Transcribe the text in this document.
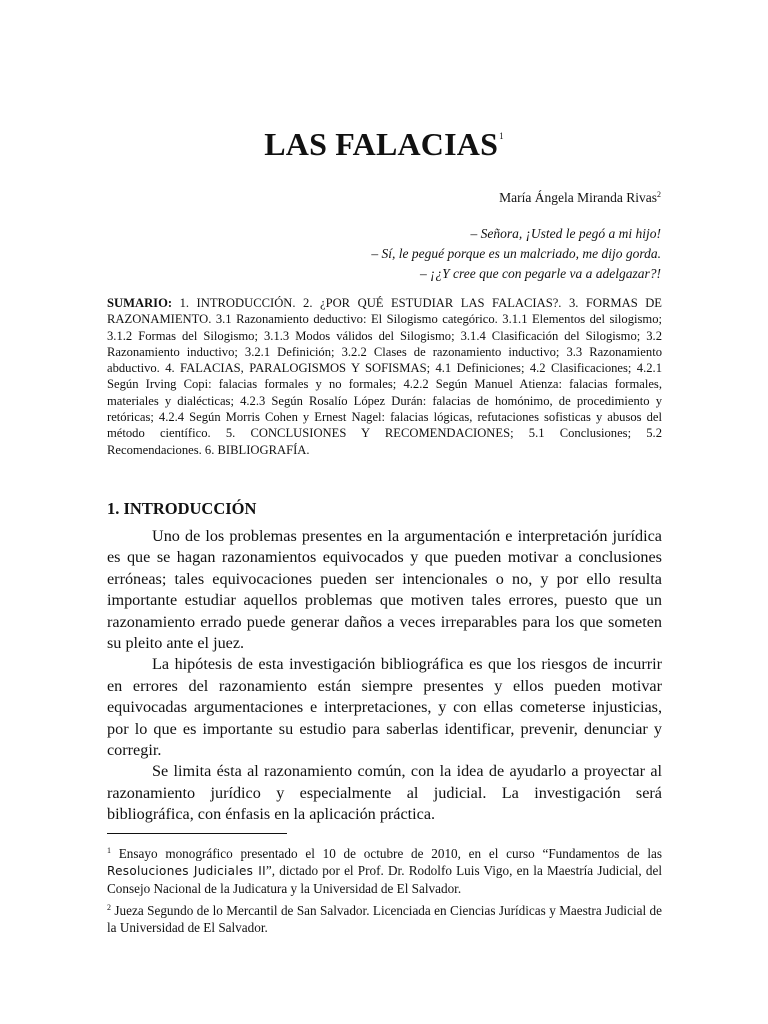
LAS FALACIAS$^1$
María Ángela Miranda Rivas$^2$
– Señora, ¡Usted le pegó a mi hijo!
– Sí, le pegué porque es un malcriado, me dijo gorda.
– ¡¿Y cree que con pegarle va a adelgazar?!
SUMARIO: 1. INTRODUCCIÓN. 2. ¿POR QUÉ ESTUDIAR LAS FALACIAS?. 3. FORMAS DE RAZONAMIENTO. 3.1 Razonamiento deductivo: El Silogismo categórico. 3.1.1 Elementos del silogismo; 3.1.2 Formas del Silogismo; 3.1.3 Modos válidos del Silogismo; 3.1.4 Clasificación del Silogismo; 3.2 Razonamiento inductivo; 3.2.1 Definición; 3.2.2 Clases de razonamiento inductivo; 3.3 Razonamiento abductivo. 4. FALACIAS, PARALOGISMOS Y SOFISMAS; 4.1 Definiciones; 4.2 Clasificaciones; 4.2.1 Según Irving Copi: falacias formales y no formales; 4.2.2 Según Manuel Atienza: falacias formales, materiales y dialécticas; 4.2.3 Según Rosalío López Durán: falacias de homónimo, de procedimiento y retóricas; 4.2.4 Según Morris Cohen y Ernest Nagel: falacias lógicas, refutaciones sofisticas y abusos del método científico. 5. CONCLUSIONES Y RECOMENDACIONES; 5.1 Conclusiones; 5.2 Recomendaciones. 6. BIBLIOGRAFÍA.
1. INTRODUCCIÓN

Uno de los problemas presentes en la argumentación e interpretación jurídica es que se hagan razonamientos equivocados y que pueden motivar a conclusiones erróneas; tales equivocaciones pueden ser intencionales o no, y por ello resulta importante estudiar aquellos problemas que motiven tales errores, puesto que un razonamiento errado puede generar daños a veces irreparables para los que someten su pleito ante el juez.

La hipótesis de esta investigación bibliográfica es que los riesgos de incurrir en errores del razonamiento están siempre presentes y ellos pueden motivar equivocadas argumentaciones e interpretaciones, y con ellas cometerse injusticias, por lo que es importante su estudio para saberlas identificar, prevenir, denunciar y corregir.

Se limita ésta al razonamiento común, con la idea de ayudarlo a proyectar al razonamiento jurídico y especialmente al judicial. La investigación será bibliográfica, con énfasis en la aplicación práctica.

$^1$ Ensayo monográfico presentado el 10 de octubre de 2010, en el curso “Fundamentos de las Resoluciones Judiciales II”, dictado por el Prof. Dr. Rodolfo Luis Vigo, en la Maestría Judicial, del Consejo Nacional de la Judicatura y la Universidad de El Salvador.

$^2$ Jueza Segundo de lo Mercantil de San Salvador. Licenciada en Ciencias Jurídicas y Maestra Judicial de la Universidad de El Salvador.
